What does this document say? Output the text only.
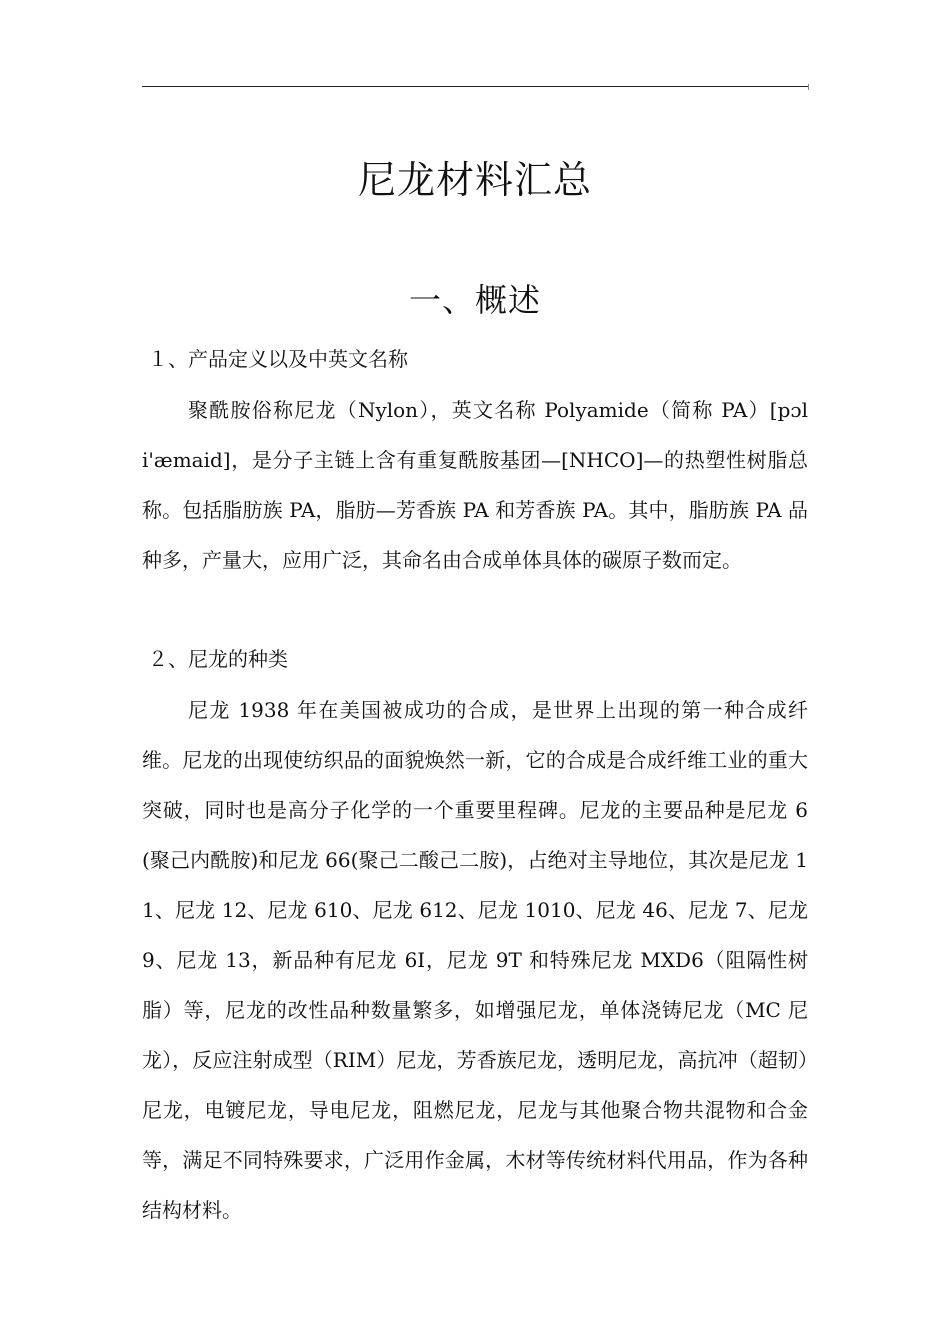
尼龙材料汇总
一、概述
１、产品定义以及中英文名称
聚酰胺俗称尼龙（Nylon），英文名称 Polyamide（简称 PA）[pɔli'æmaid]，是分子主链上含有重复酰胺基团—[NHCO]—的热塑性树脂总称。包括脂肪族 PA，脂肪—芳香族 PA 和芳香族 PA。其中，脂肪族 PA 品种多，产量大，应用广泛，其命名由合成单体具体的碳原子数而定。
２、尼龙的种类
尼龙 1938 年在美国被成功的合成，是世界上出现的第一种合成纤维。尼龙的出现使纺织品的面貌焕然一新，它的合成是合成纤维工业的重大突破，同时也是高分子化学的一个重要里程碑。尼龙的主要品种是尼龙 6(聚己内酰胺)和尼龙 66(聚己二酸己二胺)，占绝对主导地位，其次是尼龙 11、尼龙 12、尼龙 610、尼龙 612、尼龙 1010、尼龙 46、尼龙 7、尼龙 9、尼龙 13，新品种有尼龙 6I，尼龙 9T 和特殊尼龙 MXD6（阻隔性树脂）等，尼龙的改性品种数量繁多，如增强尼龙，单体浇铸尼龙（MC 尼龙），反应注射成型（RIM）尼龙，芳香族尼龙，透明尼龙，高抗冲（超韧）尼龙，电镀尼龙，导电尼龙，阻燃尼龙，尼龙与其他聚合物共混物和合金等，满足不同特殊要求，广泛用作金属，木材等传统材料代用品，作为各种结构材料。
